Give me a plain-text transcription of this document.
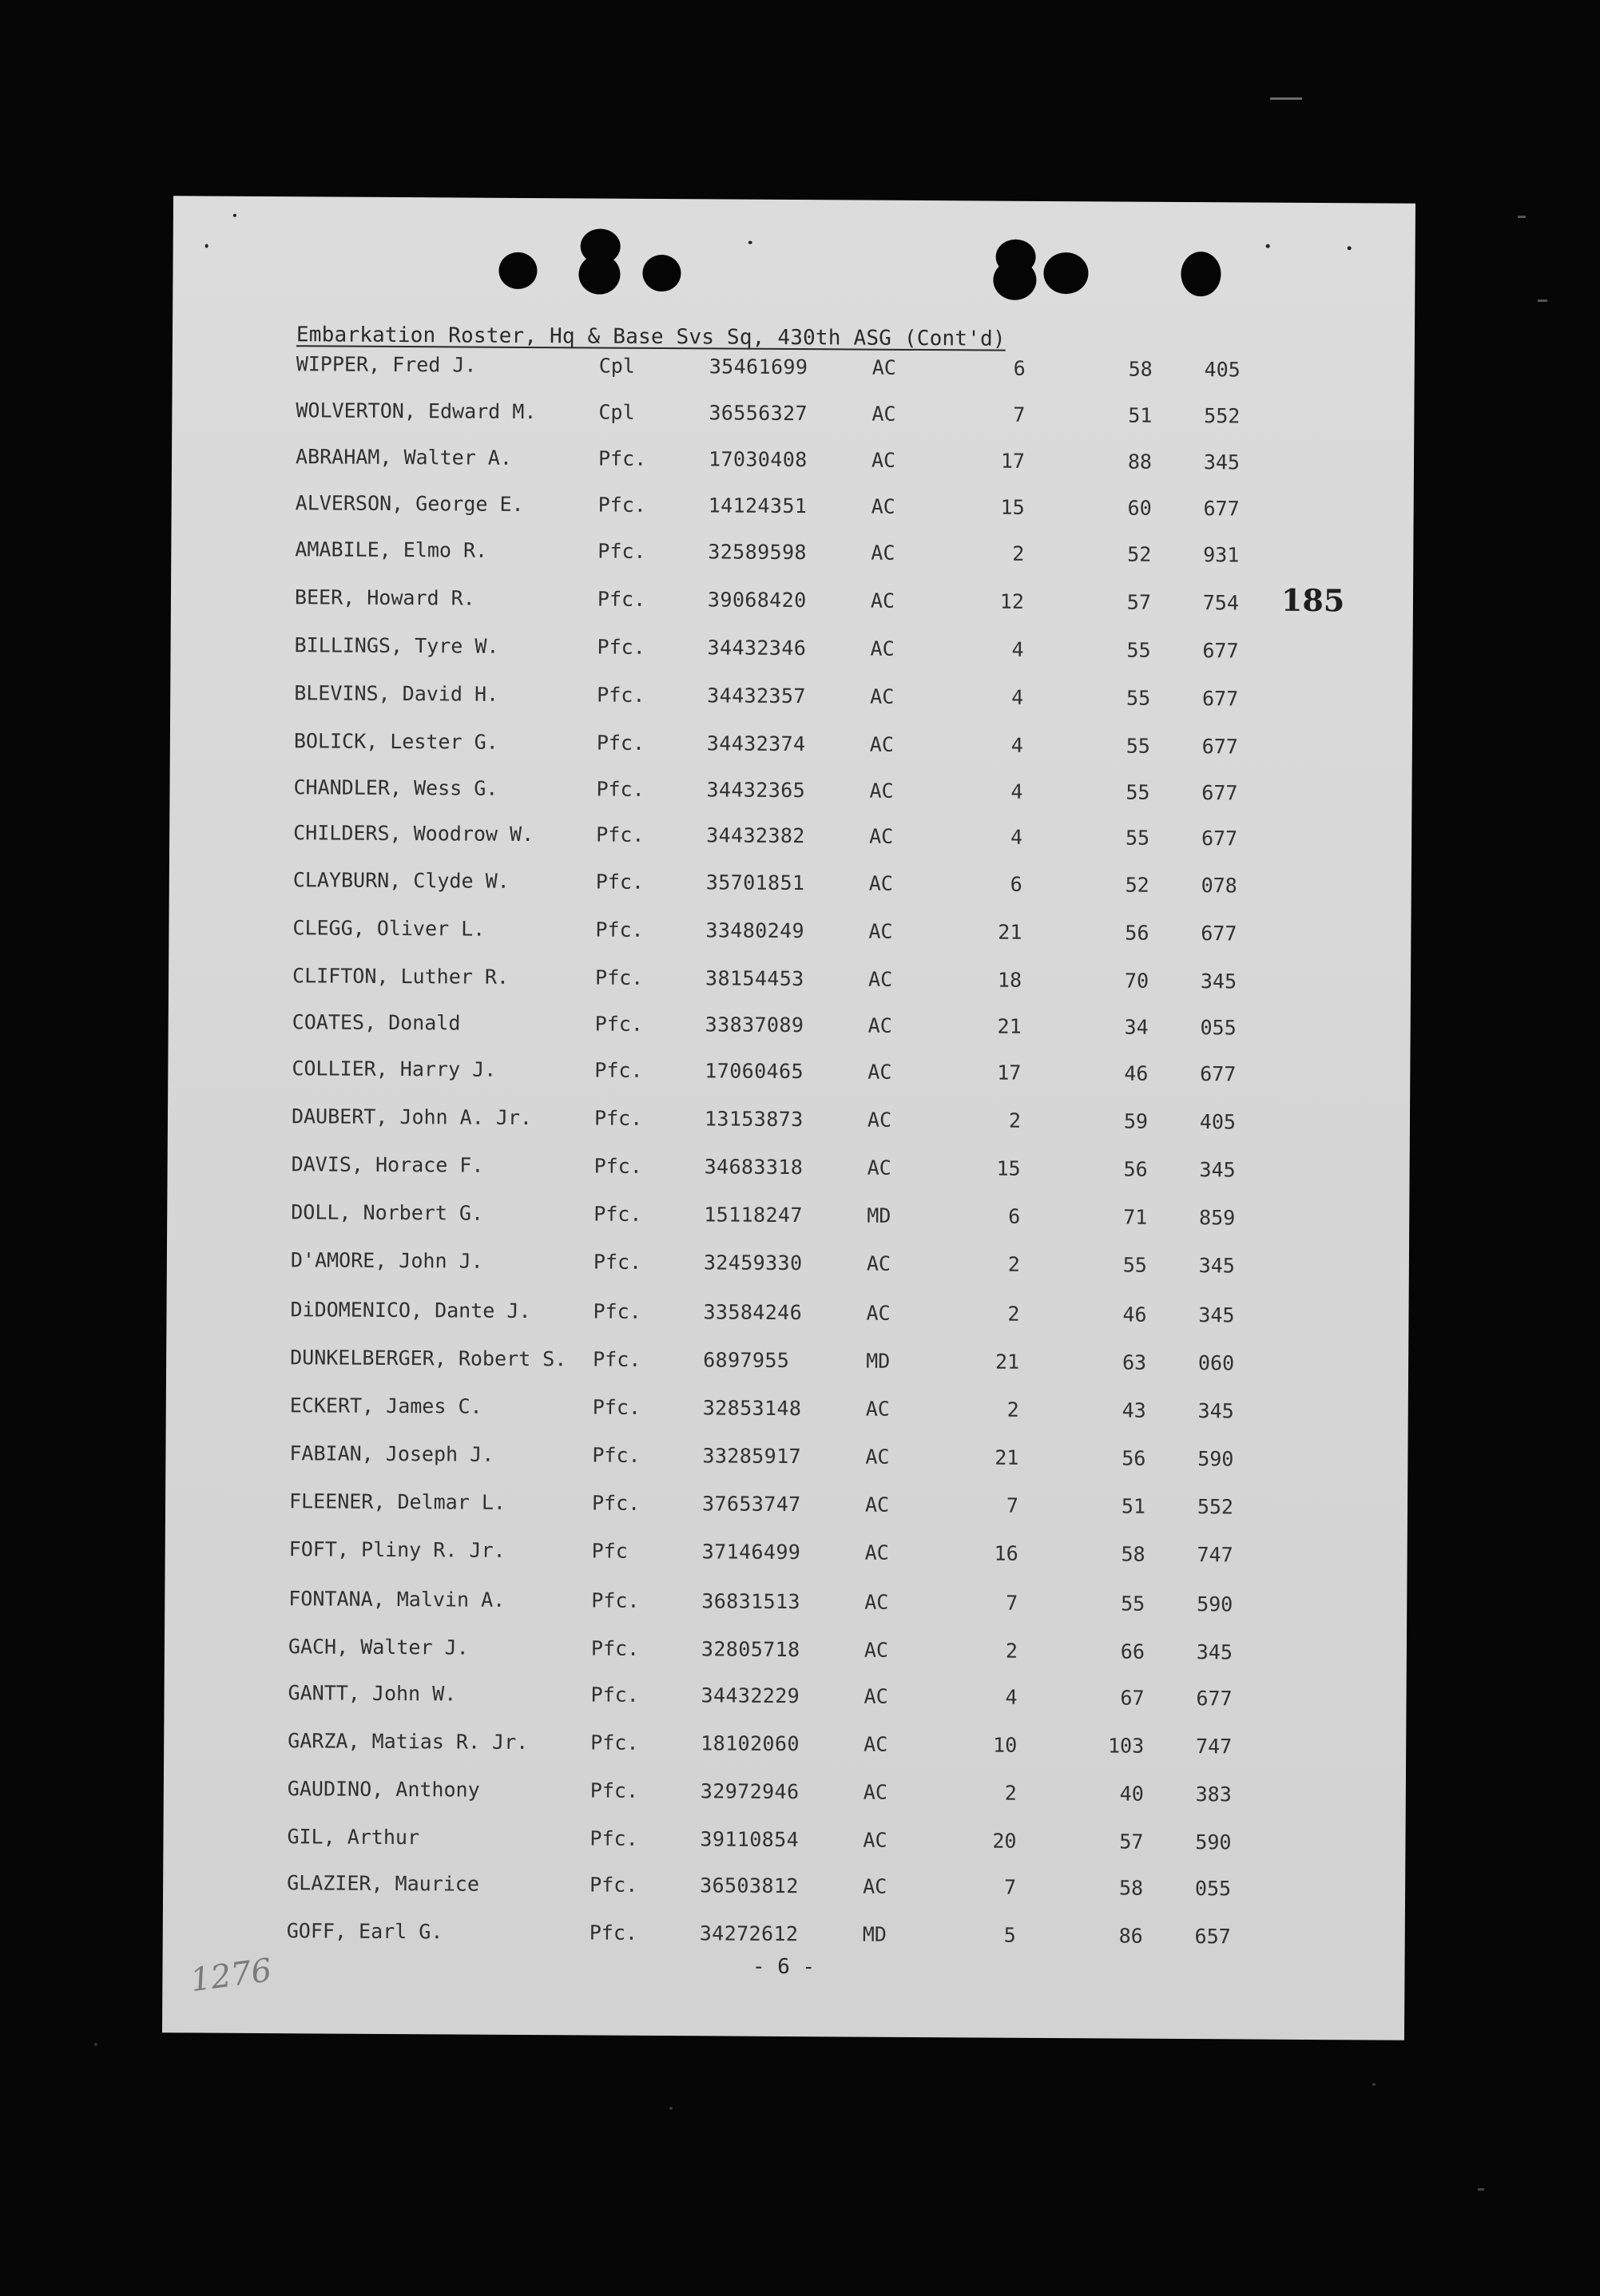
Embarkation Roster, Hq & Base Svs Sq, 430th ASG (Cont'd)
WIPPER, Fred J.	Cpl	35461699	AC	6	58	405
WOLVERTON, Edward M.	Cpl	36556327	AC	7	51	552
ABRAHAM, Walter A.	Pfc.	17030408	AC	17	88	345
ALVERSON, George E.	Pfc.	14124351	AC	15	60	677
AMABILE, Elmo R.	Pfc.	32589598	AC	2	52	931
BEER, Howard R.	Pfc.	39068420	AC	12	57	754
BILLINGS, Tyre W.	Pfc.	34432346	AC	4	55	677
BLEVINS, David H.	Pfc.	34432357	AC	4	55	677
BOLICK, Lester G.	Pfc.	34432374	AC	4	55	677
CHANDLER, Wess G.	Pfc.	34432365	AC	4	55	677
CHILDERS, Woodrow W.	Pfc.	34432382	AC	4	55	677
CLAYBURN, Clyde W.	Pfc.	35701851	AC	6	52	078
CLEGG, Oliver L.	Pfc.	33480249	AC	21	56	677
CLIFTON, Luther R.	Pfc.	38154453	AC	18	70	345
COATES, Donald	Pfc.	33837089	AC	21	34	055
COLLIER, Harry J.	Pfc.	17060465	AC	17	46	677
DAUBERT, John A. Jr.	Pfc.	13153873	AC	2	59	405
DAVIS, Horace F.	Pfc.	34683318	AC	15	56	345
DOLL, Norbert G.	Pfc.	15118247	MD	6	71	859
D'AMORE, John J.	Pfc.	32459330	AC	2	55	345
DiDOMENICO, Dante J.	Pfc.	33584246	AC	2	46	345
DUNKELBERGER, Robert S. Pfc.	6897955	MD	21	63	060
ECKERT, James C.	Pfc.	32853148	AC	2	43	345
FABIAN, Joseph J.	Pfc.	33285917	AC	21	56	590
FLEENER, Delmar L.	Pfc.	37653747	AC	7	51	552
FOFT, Pliny R. Jr.	Pfc	37146499	AC	16	58	747
FONTANA, Malvin A.	Pfc.	36831513	AC	7	55	590
GACH, Walter J.	Pfc.	32805718	AC	2	66	345
GANTT, John W.	Pfc.	34432229	AC	4	67	677
GARZA, Matias R. Jr.	Pfc.	18102060	AC	10	103	747
GAUDINO, Anthony	Pfc.	32972946	AC	2	40	383
GIL, Arthur	Pfc.	39110854	AC	20	57	590
GLAZIER, Maurice	Pfc.	36503812	AC	7	58	055
GOFF, Earl G.	Pfc.	34272612	MD	5	86	657
185
- 6 -
1276
